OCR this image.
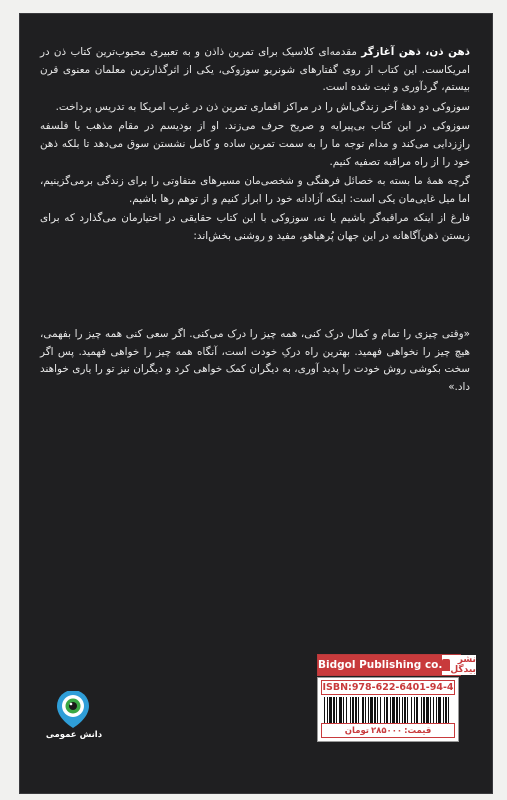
ذهن ذن، ذهن آغازگر مقدمه‌ای کلاسیک برای تمرین ذاذن و به تعبیری محبوب‌ترین کتاب ذن در امریکاست. این کتاب از روی گفتارهای شونریو سوزوکی، یکی از اثرگذارترین معلمان معنوی قرن بیستم، گردآوری و ثبت شده است.

سوزوکی دو دهۀ آخر زندگی‌اش را در مراکز اقماری تمرین ذن در غرب امریکا به تدریس پرداخت.

سوزوکی در این کتاب بی‌پیرایه و صریح حرف می‌زند. او از بودیسم در مقام مذهب یا فلسفه رازِزدایی می‌کند و مدام توجه ما را به سمت تمرین ساده و کامل نشستن سوق می‌دهد تا بلکه ذهن خود را از راه مراقبه تصفیه کنیم.

گرچه همۀ ما بسته به خصائل فرهنگی و شخصی‌مان مسیرهای متفاوتی را برای زندگی برمی‌گزینیم، اما میل غایی‌مان یکی است: اینکه آزادانه خود را ابراز کنیم و از توهم رها باشیم.

فارغ از اینکه مراقبه‌گر باشیم یا نه، سوزوکی با این کتاب حقایقی در اختیارمان می‌گذارد که برای زیستن ذهن‌آگاهانه در این جهان پُرهیاهو، مفید و روشنی بخش‌اند:

«وقتی چیزی را تمام و کمال درک کنی، همه چیز را درک می‌کنی. اگر سعی کنی همه چیز را بفهمی، هیچ چیز را نخواهی فهمید. بهترین راه درکِ خودت است، آنگاه همه چیز را خواهی فهمید. پس اگر سخت بکوشی روش خودت را پدید آوری، به دیگران کمک خواهی کرد و دیگران نیز تو را یاری خواهند داد.»

دانش عمومی
Bidgol Publishing co.	نشر بیدگل
ISBN:978-622-6401-94-4
قیمت:
۲۸۵۰۰۰
تومان
